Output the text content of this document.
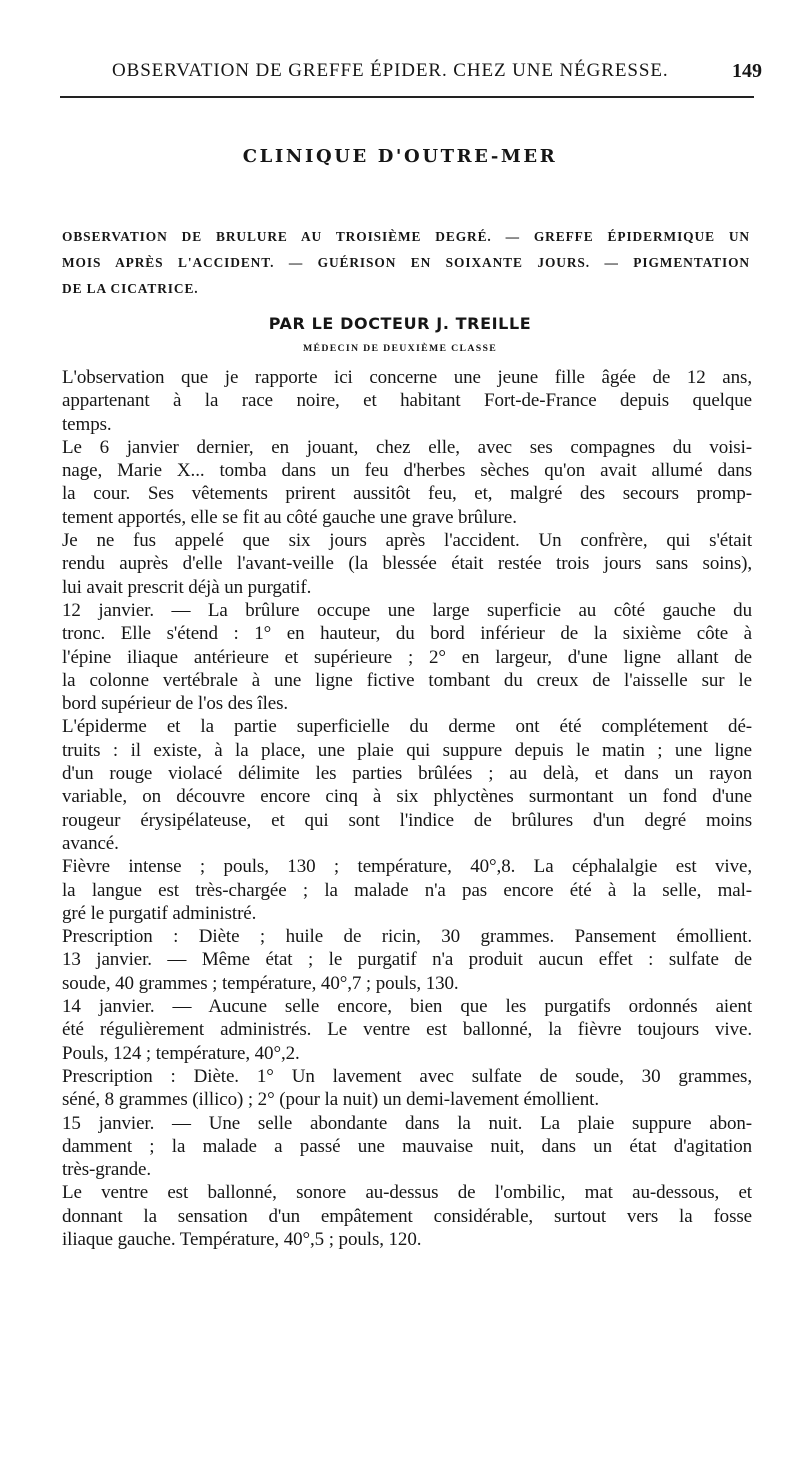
OBSERVATION DE GREFFE ÉPIDER. CHEZ UNE NÉGRESSE.	149
CLINIQUE D'OUTRE-MER
OBSERVATION DE BRULURE AU TROISIÈME DEGRÉ. — GREFFE ÉPIDERMIQUE UN
MOIS APRÈS L'ACCIDENT. — GUÉRISON EN SOIXANTE JOURS. — PIGMENTATION
DE LA CICATRICE.
PAR LE DOCTEUR J. TREILLE
MÉDECIN DE DEUXIÈME CLASSE
L'observation que je rapporte ici concerne une jeune fille âgée de 12 ans,
appartenant à la race noire, et habitant Fort-de-France depuis quelque
temps.
Le 6 janvier dernier, en jouant, chez elle, avec ses compagnes du voisi-
nage, Marie X... tomba dans un feu d'herbes sèches qu'on avait allumé dans
la cour. Ses vêtements prirent aussitôt feu, et, malgré des secours promp-
tement apportés, elle se fit au côté gauche une grave brûlure.
Je ne fus appelé que six jours après l'accident. Un confrère, qui s'était
rendu auprès d'elle l'avant-veille (la blessée était restée trois jours sans soins),
lui avait prescrit déjà un purgatif.
12 janvier. — La brûlure occupe une large superficie au côté gauche du
tronc. Elle s'étend : 1° en hauteur, du bord inférieur de la sixième côte à
l'épine iliaque antérieure et supérieure ; 2° en largeur, d'une ligne allant de
la colonne vertébrale à une ligne fictive tombant du creux de l'aisselle sur le
bord supérieur de l'os des îles.
L'épiderme et la partie superficielle du derme ont été complétement dé-
truits : il existe, à la place, une plaie qui suppure depuis le matin ; une ligne
d'un rouge violacé délimite les parties brûlées ; au delà, et dans un rayon
variable, on découvre encore cinq à six phlyctènes surmontant un fond d'une
rougeur érysipélateuse, et qui sont l'indice de brûlures d'un degré moins
avancé.
Fièvre intense ; pouls, 130 ; température, 40°,8. La céphalalgie est vive,
la langue est très-chargée ; la malade n'a pas encore été à la selle, mal-
gré le purgatif administré.
Prescription : Diète ; huile de ricin, 30 grammes. Pansement émollient.
13 janvier. — Même état ; le purgatif n'a produit aucun effet : sulfate de
soude, 40 grammes ; température, 40°,7 ; pouls, 130.
14 janvier. — Aucune selle encore, bien que les purgatifs ordonnés aient
été régulièrement administrés. Le ventre est ballonné, la fièvre toujours vive.
Pouls, 124 ; température, 40°,2.
Prescription : Diète. 1° Un lavement avec sulfate de soude, 30 grammes,
séné, 8 grammes (illico) ; 2° (pour la nuit) un demi-lavement émollient.
15 janvier. — Une selle abondante dans la nuit. La plaie suppure abon-
damment ; la malade a passé une mauvaise nuit, dans un état d'agitation
très-grande.
Le ventre est ballonné, sonore au-dessus de l'ombilic, mat au-dessous, et
donnant la sensation d'un empâtement considérable, surtout vers la fosse
iliaque gauche. Température, 40°,5 ; pouls, 120.
